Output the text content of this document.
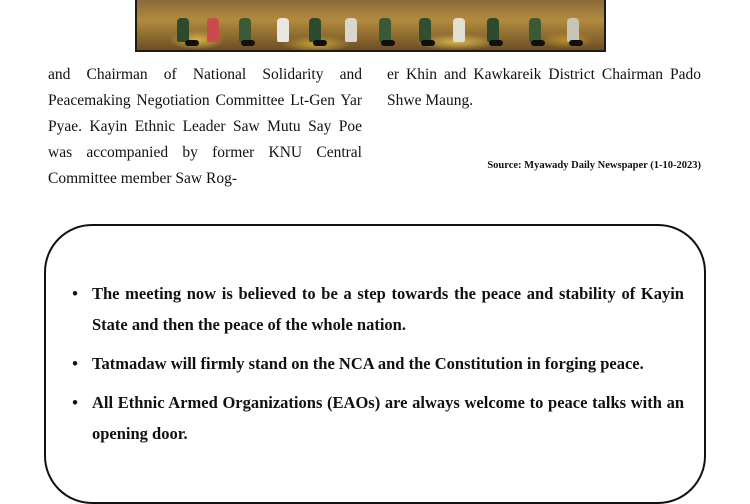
and Chairman of National Solidarity and Peacemaking Negotiation Committee Lt-Gen Yar Pyae. Kayin Ethnic Leader Saw Mutu Say Poe was accompanied by former KNU Central Committee member Saw Rog-

er Khin and Kawkareik District Chairman Pado Shwe Maung.

Source: Myawady Daily Newspaper (1-10-2023)
• The meeting now is believed to be a step towards the peace and stability of Kayin State and then the peace of the whole nation.
• Tatmadaw will firmly stand on the NCA and the Constitution in forging peace.
• All Ethnic Armed Organizations (EAOs) are always welcome to peace talks with an opening door.
